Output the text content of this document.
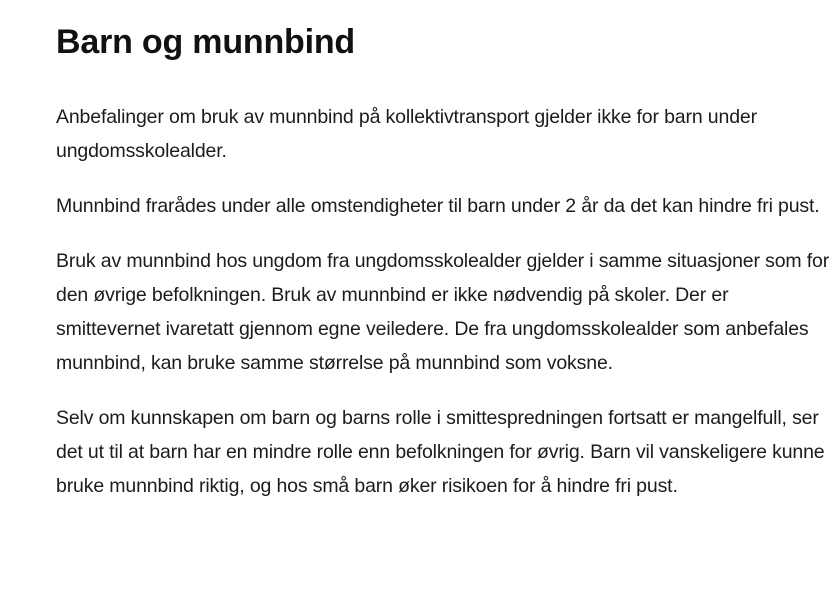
Barn og munnbind

Anbefalinger om bruk av munnbind på kollektivtransport gjelder ikke for barn under ungdomsskolealder.

Munnbind frarådes under alle omstendigheter til barn under 2 år da det kan hindre fri pust.

Bruk av munnbind hos ungdom fra ungdomsskolealder gjelder i samme situasjoner som for den øvrige befolkningen. Bruk av munnbind er ikke nødvendig på skoler. Der er smittevernet ivaretatt gjennom egne veiledere. De fra ungdomsskolealder som anbefales munnbind, kan bruke samme størrelse på munnbind som voksne.

Selv om kunnskapen om barn og barns rolle i smittespredningen fortsatt er mangelfull, ser det ut til at barn har en mindre rolle enn befolkningen for øvrig. Barn vil vanskeligere kunne bruke munnbind riktig, og hos små barn øker risikoen for å hindre fri pust.
